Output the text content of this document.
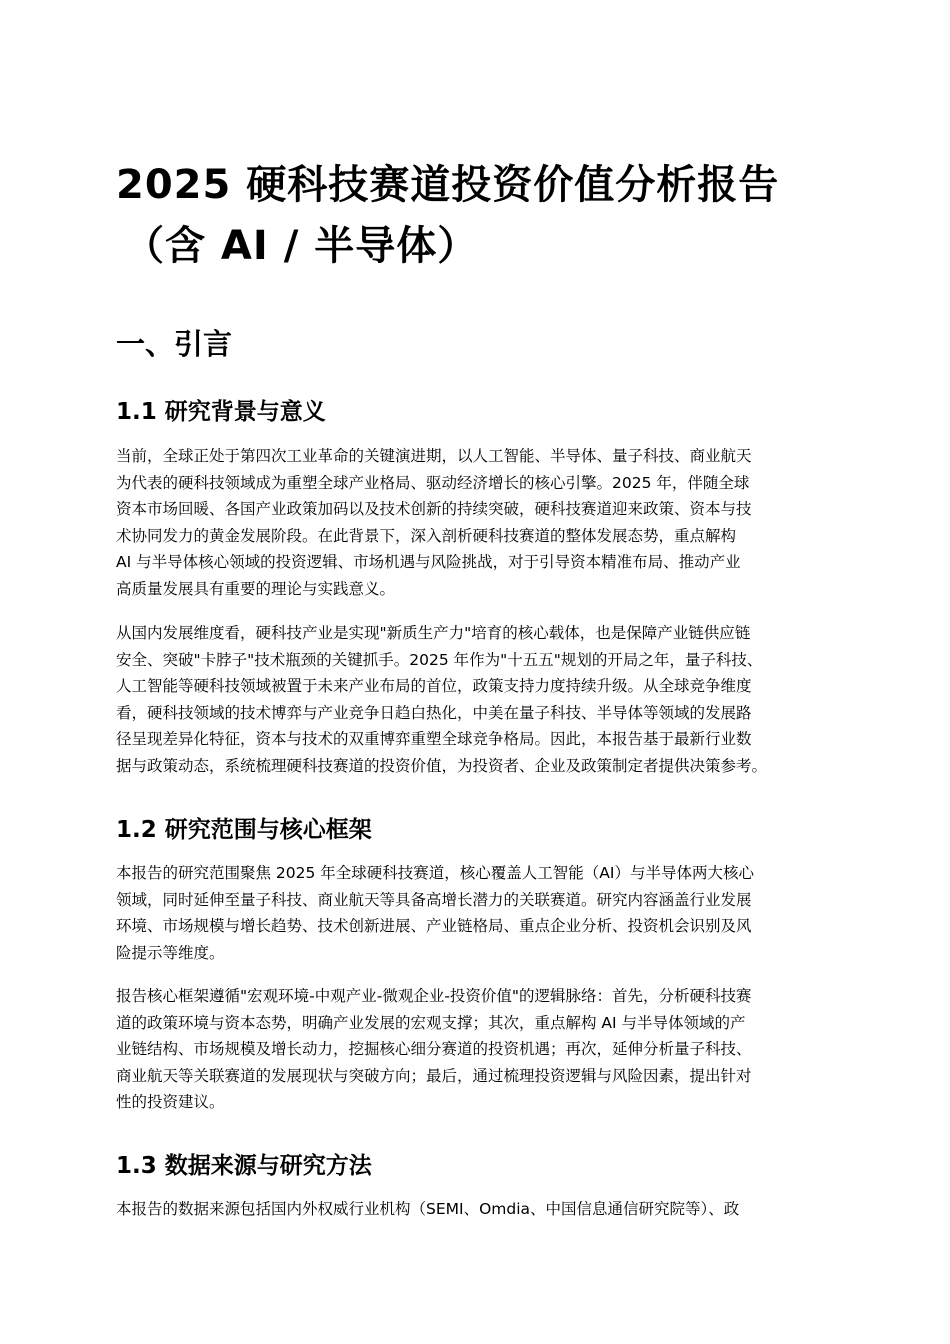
2025 硬科技赛道投资价值分析报告
（含 AI / 半导体）
一、引言
1.1 研究背景与意义

当前，全球正处于第四次工业革命的关键演进期，以人工智能、半导体、量子科技、商业航天
为代表的硬科技领域成为重塑全球产业格局、驱动经济增长的核心引擎。2025 年，伴随全球
资本市场回暖、各国产业政策加码以及技术创新的持续突破，硬科技赛道迎来政策、资本与技
术协同发力的黄金发展阶段。在此背景下，深入剖析硬科技赛道的整体发展态势，重点解构
AI 与半导体核心领域的投资逻辑、市场机遇与风险挑战，对于引导资本精准布局、推动产业
高质量发展具有重要的理论与实践意义。

从国内发展维度看，硬科技产业是实现"新质生产力"培育的核心载体，也是保障产业链供应链
安全、突破"卡脖子"技术瓶颈的关键抓手。2025 年作为"十五五"规划的开局之年，量子科技、
人工智能等硬科技领域被置于未来产业布局的首位，政策支持力度持续升级。从全球竞争维度
看，硬科技领域的技术博弈与产业竞争日趋白热化，中美在量子科技、半导体等领域的发展路
径呈现差异化特征，资本与技术的双重博弈重塑全球竞争格局。因此，本报告基于最新行业数
据与政策动态，系统梳理硬科技赛道的投资价值，为投资者、企业及政策制定者提供决策参考。

1.2 研究范围与核心框架

本报告的研究范围聚焦 2025 年全球硬科技赛道，核心覆盖人工智能（AI）与半导体两大核心
领域，同时延伸至量子科技、商业航天等具备高增长潜力的关联赛道。研究内容涵盖行业发展
环境、市场规模与增长趋势、技术创新进展、产业链格局、重点企业分析、投资机会识别及风
险提示等维度。

报告核心框架遵循"宏观环境-中观产业-微观企业-投资价值"的逻辑脉络：首先，分析硬科技赛
道的政策环境与资本态势，明确产业发展的宏观支撑；其次，重点解构 AI 与半导体领域的产
业链结构、市场规模及增长动力，挖掘核心细分赛道的投资机遇；再次，延伸分析量子科技、
商业航天等关联赛道的发展现状与突破方向；最后，通过梳理投资逻辑与风险因素，提出针对
性的投资建议。

1.3 数据来源与研究方法

本报告的数据来源包括国内外权威行业机构（SEMI、Omdia、中国信息通信研究院等）、政
